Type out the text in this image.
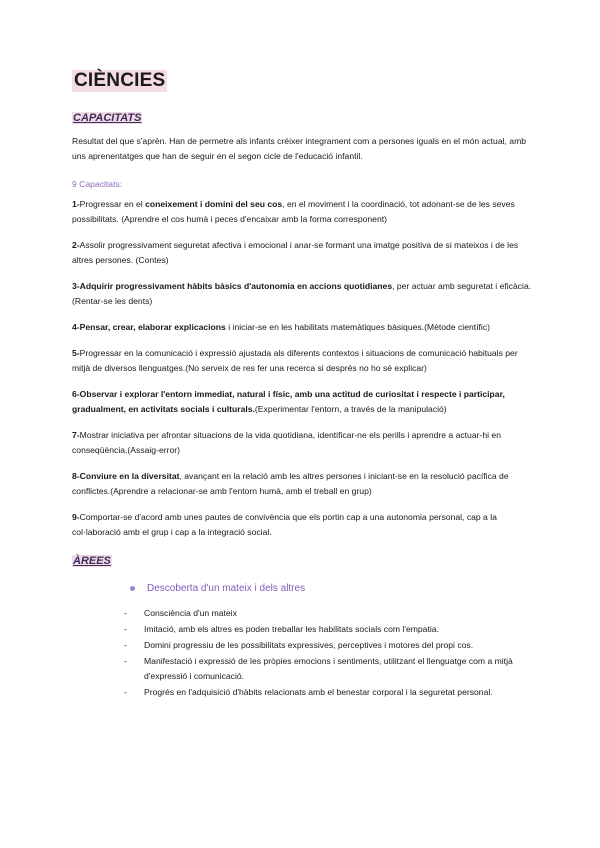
CIÈNCIES
CAPACITATS

Resultat del que s'aprèn. Han de permetre als infants créixer integrament com a persones iguals en el món actual, amb uns aprenentatges que han de seguir en el segon cicle de l'educació infantil.

9 Capacitats:

1-Progressar en el coneixement i domini del seu cos, en el moviment i la coordinació, tot adonant-se de les seves possibilitats. (Aprendre el cos humà i peces d'encaixar amb la forma corresponent)

2-Assolir progressivament seguretat afectiva i emocional i anar-se formant una imatge positiva de si mateixos i de les altres persones. (Contes)

3-Adquirir progressivament hàbits bàsics d'autonomia en accions quotidianes, per actuar amb seguretat i eficàcia.(Rentar-se les dents)

4-Pensar, crear, elaborar explicacions i iniciar-se en les habilitats matemàtiques bàsiques.(Mètode científic)

5-Progressar en la comunicació i expressió ajustada als diferents contextos i situacions de comunicació habituals per mitjà de diversos llenguatges.(No serveix de res fer una recerca si després no ho sé explicar)

6-Observar i explorar l'entorn immediat, natural i físic, amb una actitud de curiositat i respecte i participar, gradualment, en activitats socials i culturals.(Experimentar l'entorn, a través de la manipulació)

7-Mostrar iniciativa per afrontar situacions de la vida quotidiana, identificar-ne els perills i aprendre a actuar-hi en conseqüència.(Assaig-error)

8-Conviure en la diversitat, avançant en la relació amb les altres persones i iniciant-se en la resolució pacífica de conflictes.(Aprendre a relacionar-se amb l'entorn humà, amb el treball en grup)

9-Comportar-se d'acord amb unes pautes de convivència que els portin cap a una autonomia personal, cap a la col·laboració amb el grup i cap a la integració social.

ÀREES
Descoberta d'un mateix i dels altres
-	Consciència d'un mateix
-	Imitació, amb els altres es poden treballar les habilitats socials com l'empatia.
-	Domini progressiu de les possibilitats expressives, perceptives i motores del propi cos.
-	Manifestació i expressió de les pròpies emocions i sentiments, utilitzant el llenguatge com a mitjà d'expressió i comunicació.
-	Progrés en l'adquisició d'hàbits relacionats amb el benestar corporal i la seguretat personal.
